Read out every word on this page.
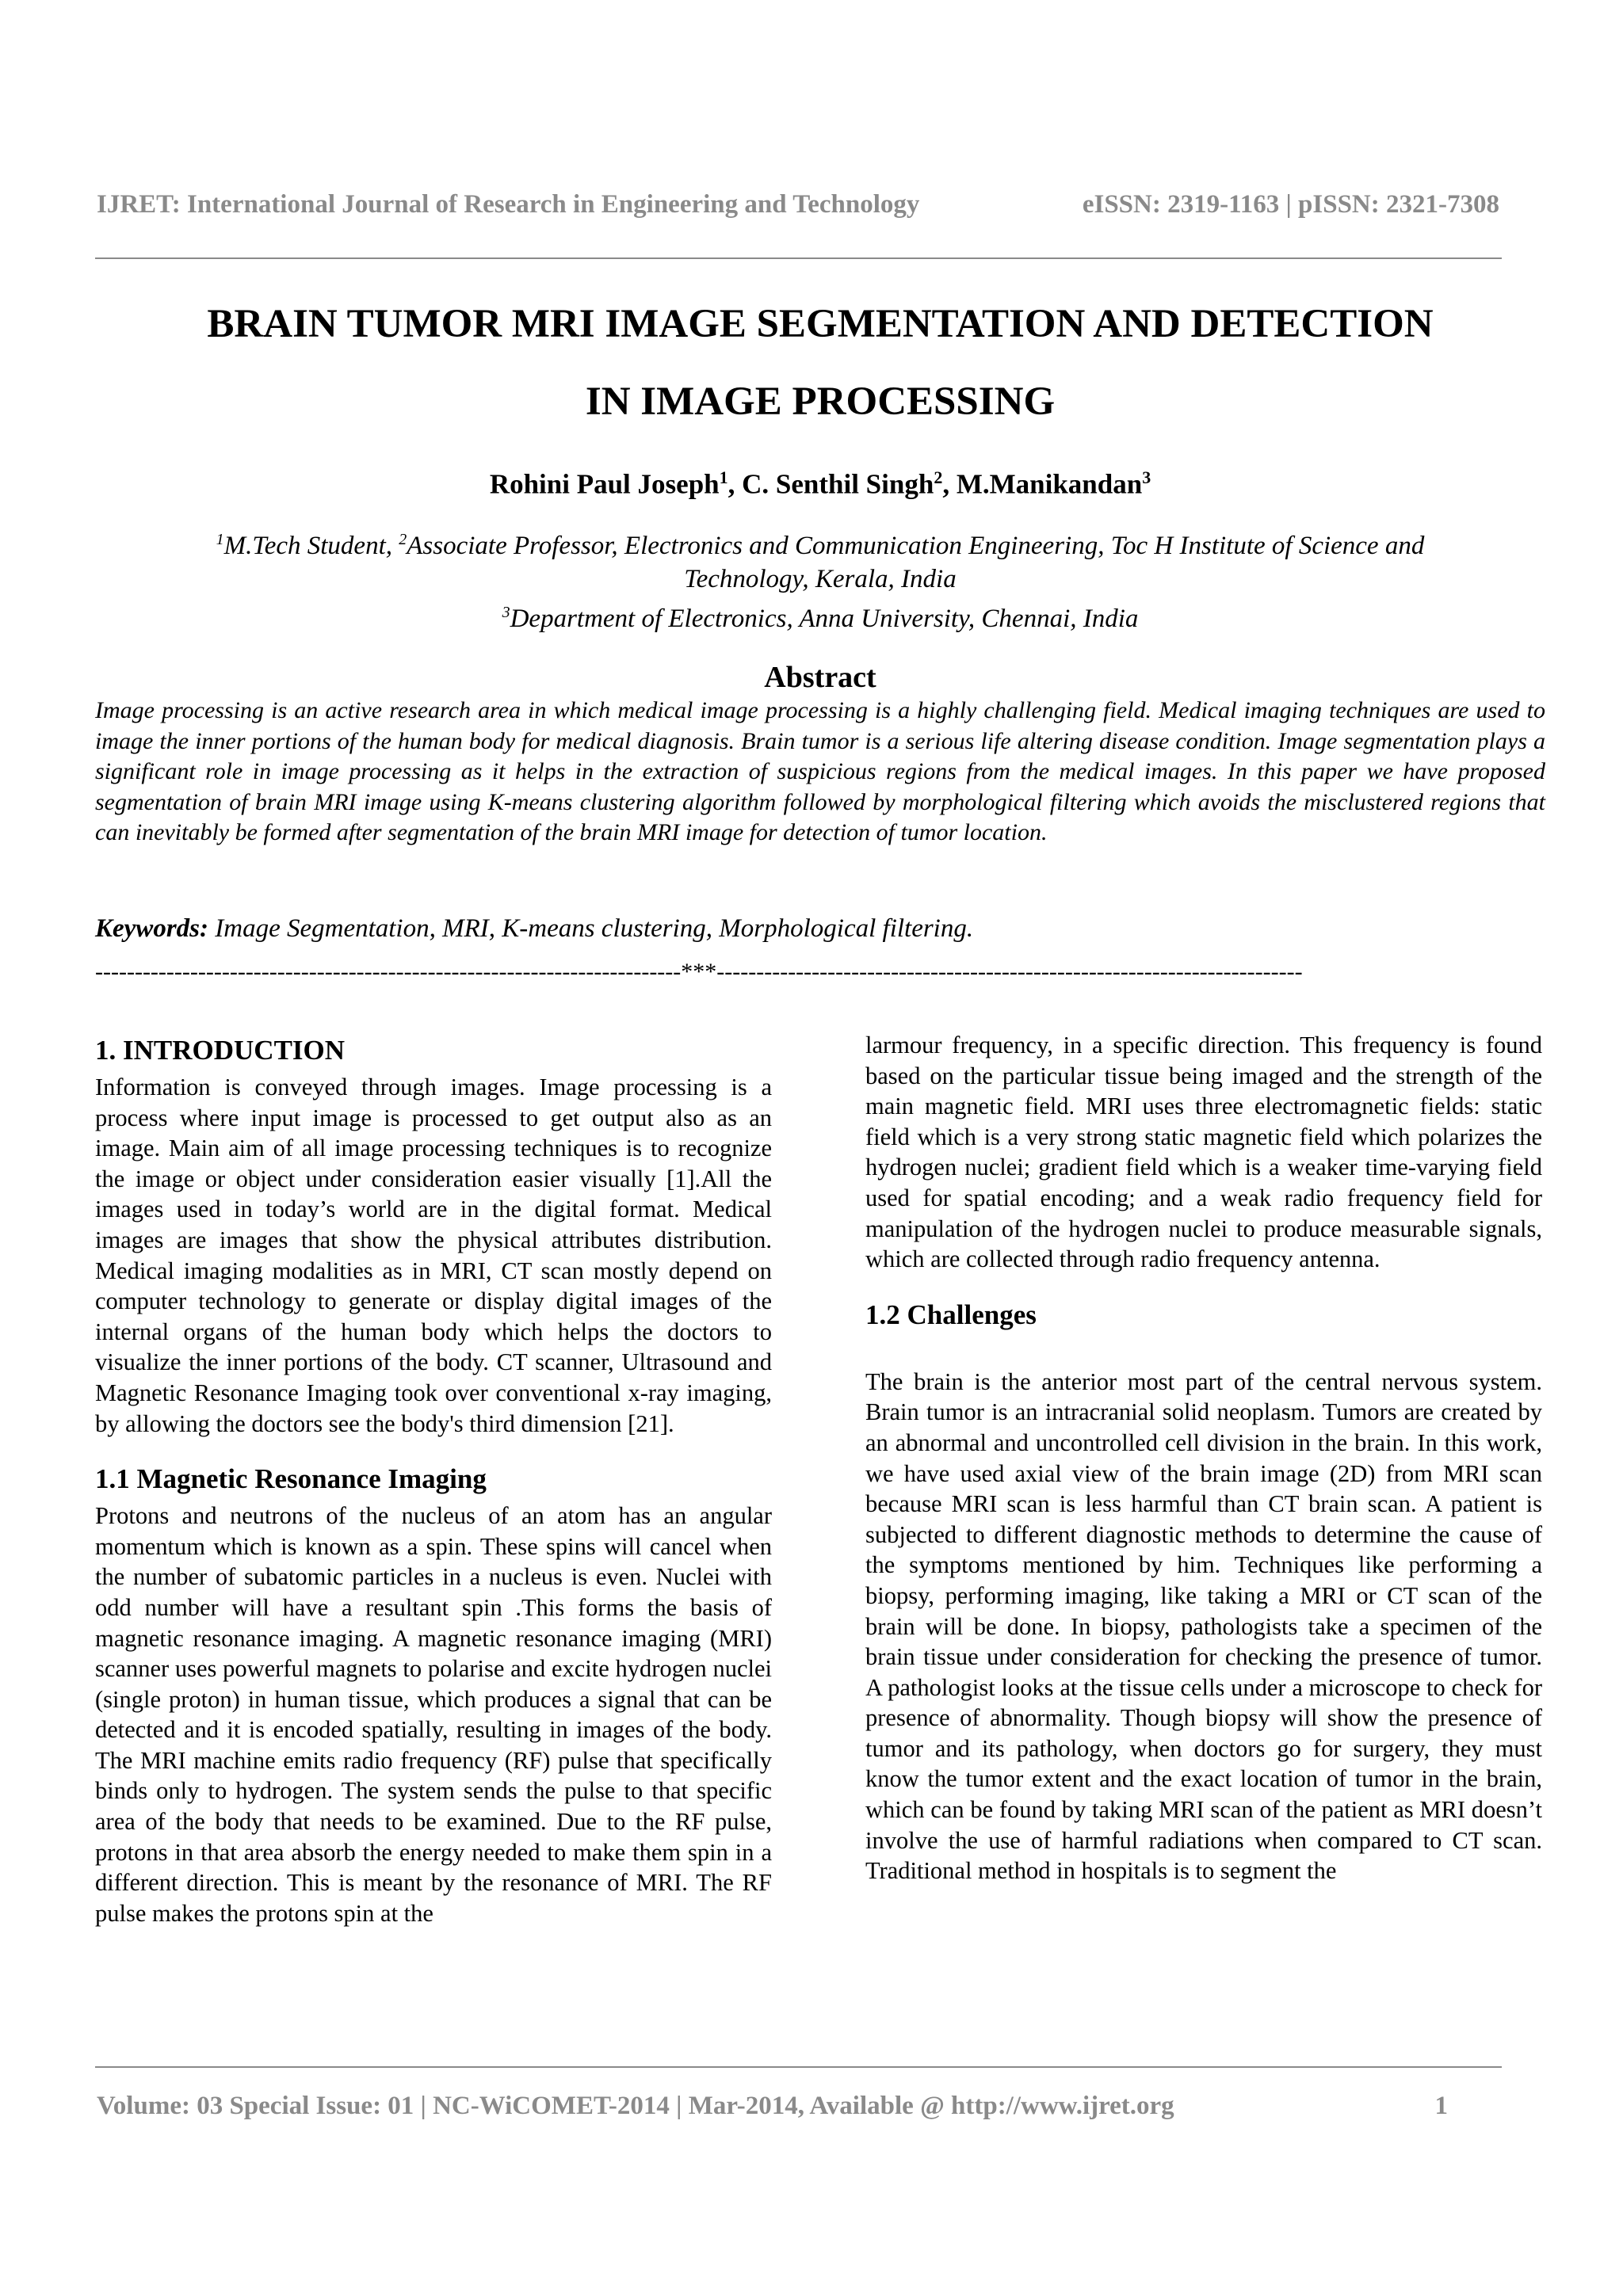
IJRET: International Journal of Research in Engineering and Technology	eISSN: 2319-1163 | pISSN: 2321-7308
BRAIN TUMOR MRI IMAGE SEGMENTATION AND DETECTION
IN IMAGE PROCESSING
Rohini Paul Joseph$^1$, C. Senthil Singh$^2$, M.Manikandan$^3$
$^1$M.Tech Student, $^2$Associate Professor, Electronics and Communication Engineering, Toc H Institute of Science and
Technology, Kerala, India
$^3$Department of Electronics, Anna University, Chennai, India
Abstract
Image processing is an active research area in which medical image processing is a highly challenging field. Medical imaging techniques are used to image the inner portions of the human body for medical diagnosis. Brain tumor is a serious life altering disease condition. Image segmentation plays a significant role in image processing as it helps in the extraction of suspicious regions from the medical images. In this paper we have proposed segmentation of brain MRI image using K-means clustering algorithm followed by morphological filtering which avoids the misclustered regions that can inevitably be formed after segmentation of the brain MRI image for detection of tumor location.
Keywords: Image Segmentation, MRI, K-means clustering, Morphological filtering.
--------------------------------------------------------------------------***--------------------------------------------------------------------------
1. INTRODUCTION

Information is conveyed through images. Image processing is a process where input image is processed to get output also as an image. Main aim of all image processing techniques is to recognize the image or object under consideration easier visually [1].All the images used in today’s world are in the digital format. Medical images are images that show the physical attributes distribution. Medical imaging modalities as in MRI, CT scan mostly depend on computer technology to generate or display digital images of the internal organs of the human body which helps the doctors to visualize the inner portions of the body. CT scanner, Ultrasound and Magnetic Resonance Imaging took over conventional x-ray imaging, by allowing the doctors see the body's third dimension [21].

1.1 Magnetic Resonance Imaging

Protons and neutrons of the nucleus of an atom has an angular momentum which is known as a spin. These spins will cancel when the number of subatomic particles in a nucleus is even. Nuclei with odd number will have a resultant spin .This forms the basis of magnetic resonance imaging. A magnetic resonance imaging (MRI) scanner uses powerful magnets to polarise and excite hydrogen nuclei (single proton) in human tissue, which produces a signal that can be detected and it is encoded spatially, resulting in images of the body. The MRI machine emits radio frequency (RF) pulse that specifically binds only to hydrogen. The system sends the pulse to that specific area of the body that needs to be examined. Due to the RF pulse, protons in that area absorb the energy needed to make them spin in a different direction. This is meant by the resonance of MRI. The RF pulse makes the protons spin at the

larmour frequency, in a specific direction. This frequency is found based on the particular tissue being imaged and the strength of the main magnetic field. MRI uses three electromagnetic fields: static field which is a very strong static magnetic field which polarizes the hydrogen nuclei; gradient field which is a weaker time-varying field used for spatial encoding; and a weak radio frequency field for manipulation of the hydrogen nuclei to produce measurable signals, which are collected through radio frequency antenna.

1.2 Challenges

The brain is the anterior most part of the central nervous system. Brain tumor is an intracranial solid neoplasm. Tumors are created by an abnormal and uncontrolled cell division in the brain. In this work, we have used axial view of the brain image (2D) from MRI scan because MRI scan is less harmful than CT brain scan. A patient is subjected to different diagnostic methods to determine the cause of the symptoms mentioned by him. Techniques like performing a biopsy, performing imaging, like taking a MRI or CT scan of the brain will be done. In biopsy, pathologists take a specimen of the brain tissue under consideration for checking the presence of tumor. A pathologist looks at the tissue cells under a microscope to check for presence of abnormality. Though biopsy will show the presence of tumor and its pathology, when doctors go for surgery, they must know the tumor extent and the exact location of tumor in the brain, which can be found by taking MRI scan of the patient as MRI doesn’t involve the use of harmful radiations when compared to CT scan. Traditional method in hospitals is to segment the

Volume: 03 Special Issue: 01 | NC-WiCOMET-2014 | Mar-2014, Available @ http://www.ijret.org	1
